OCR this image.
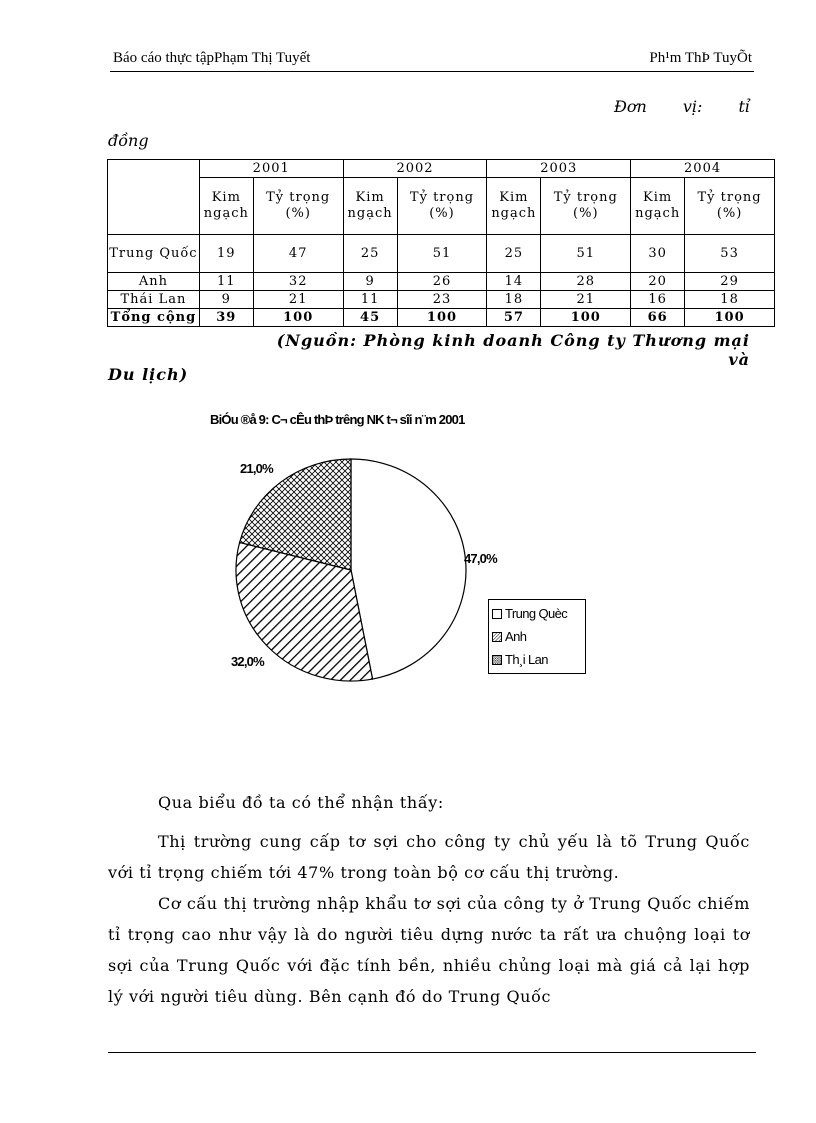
Báo cáo thực tậpPhạm Thị Tuyết	Ph¹m ThÞ TuyÕt
Đơn vị: tỉ
đồng
	2001		2002		2003		2004	
	Kim ngạch	Tỷ trọng (%)	Kim ngạch	Tỷ trọng (%)	Kim ngạch	Tỷ trọng (%)	Kim ngạch	Tỷ trọng (%)
Trung Quốc	19	47	25	51	25	51	30	53
Anh	11	32	9	26	14	28	20	29
Thái Lan	9	21	11	23	18	21	16	18
Tổng cộng	39	100	45	100	57	100	66	100
(Nguồn: Phòng kinh doanh Công ty Thương mại và
Du lịch)
BiÓu ®å 9: C¬ cÊu thÞ trêng NK t¬ sîi n¨m 2001
47,0%
32,0%
21,0%
Trung Quèc
Anh
Th¸i Lan
Qua biểu đồ ta có thể nhận thấy:
Thị trường cung cấp tơ sợi cho công ty chủ yếu là tõ Trung Quốc với tỉ trọng chiếm tới 47% trong toàn bộ cơ cấu thị trường.
Cơ cấu thị trường nhập khẩu tơ sợi của công ty ở Trung Quốc chiếm tỉ trọng cao như vậy là do người tiêu dựng nước ta rất ưa chuộng loại tơ sợi của Trung Quốc với đặc tính bền, nhiều chủng loại mà giá cả lại hợp lý với người tiêu dùng. Bên cạnh đó do Trung Quốc
